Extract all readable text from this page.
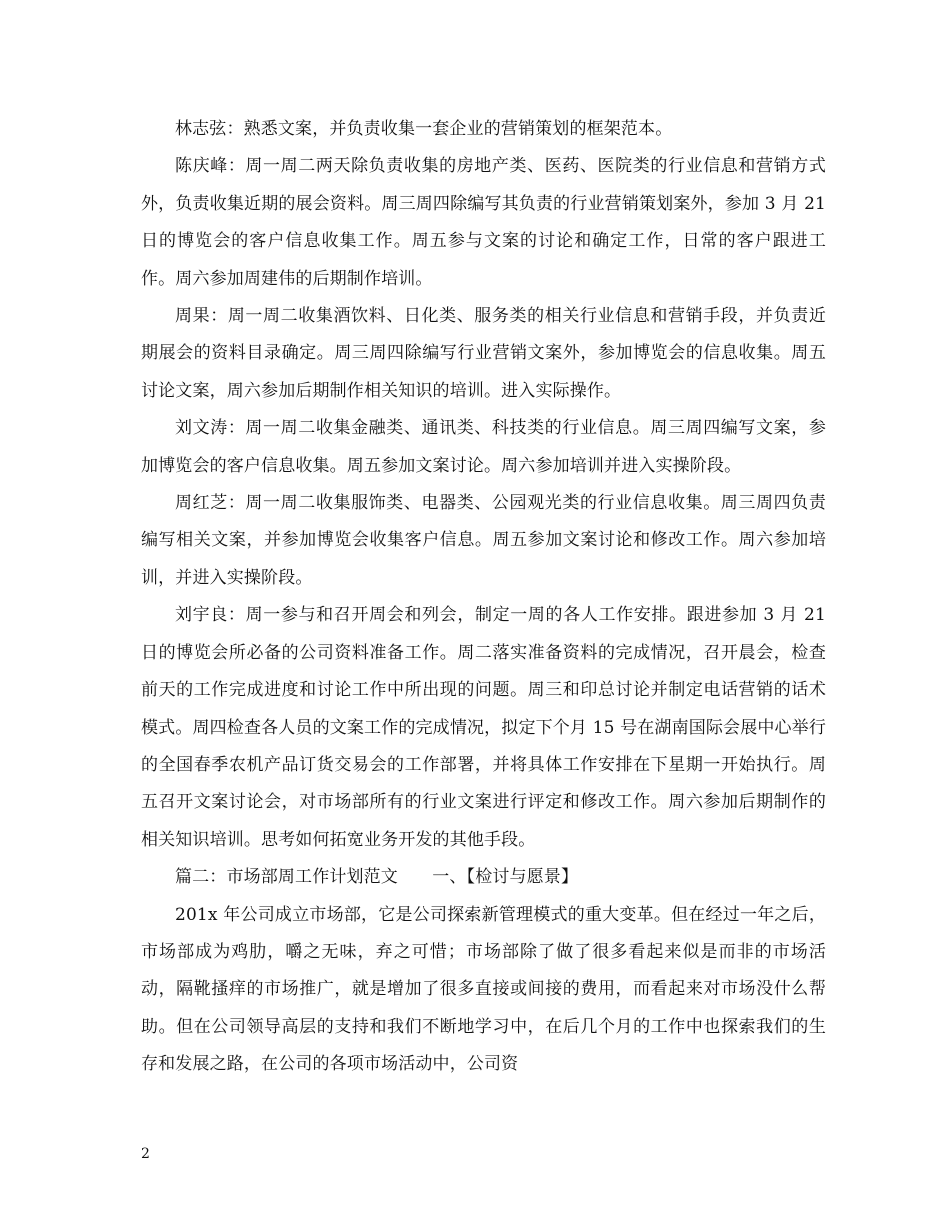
林志弦：熟悉文案，并负责收集一套企业的营销策划的框架范本。

陈庆峰：周一周二两天除负责收集的房地产类、医药、医院类的行业信息和营销方式外，负责收集近期的展会资料。周三周四除编写其负责的行业营销策划案外，参加 3 月 21 日的博览会的客户信息收集工作。周五参与文案的讨论和确定工作，日常的客户跟进工作。周六参加周建伟的后期制作培训。

周果：周一周二收集酒饮料、日化类、服务类的相关行业信息和营销手段，并负责近期展会的资料目录确定。周三周四除编写行业营销文案外，参加博览会的信息收集。周五讨论文案，周六参加后期制作相关知识的培训。进入实际操作。

刘文涛：周一周二收集金融类、通讯类、科技类的行业信息。周三周四编写文案，参加博览会的客户信息收集。周五参加文案讨论。周六参加培训并进入实操阶段。

周红芝：周一周二收集服饰类、电器类、公园观光类的行业信息收集。周三周四负责编写相关文案，并参加博览会收集客户信息。周五参加文案讨论和修改工作。周六参加培训，并进入实操阶段。

刘宇良：周一参与和召开周会和列会，制定一周的各人工作安排。跟进参加 3 月 21 日的博览会所必备的公司资料准备工作。周二落实准备资料的完成情况，召开晨会，检查前天的工作完成进度和讨论工作中所出现的问题。周三和印总讨论并制定电话营销的话术模式。周四检查各人员的文案工作的完成情况，拟定下个月 15 号在湖南国际会展中心举行的全国春季农机产品订货交易会的工作部署，并将具体工作安排在下星期一开始执行。周五召开文案讨论会，对市场部所有的行业文案进行评定和修改工作。周六参加后期制作的相关知识培训。思考如何拓宽业务开发的其他手段。

篇二：市场部周工作计划范文　　一、【检讨与愿景】

201x 年公司成立市场部，它是公司探索新管理模式的重大变革。但在经过一年之后，市场部成为鸡肋，嚼之无味，弃之可惜；市场部除了做了很多看起来似是而非的市场活动，隔靴搔痒的市场推广，就是增加了很多直接或间接的费用，而看起来对市场没什么帮助。但在公司领导高层的支持和我们不断地学习中，在后几个月的工作中也探索我们的生存和发展之路，在公司的各项市场活动中，公司资

2
